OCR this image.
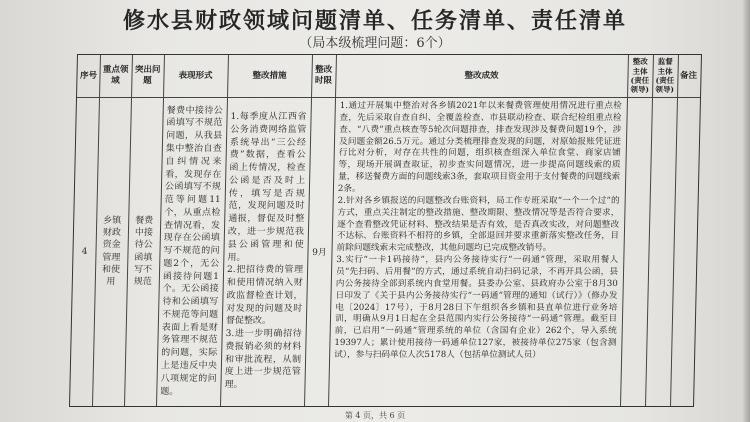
修水县财政领域问题清单、任务清单、责任清单
（局本级梳理问题：6个）
序号
重点领域
突出问题
表现形式	整改措施
整改时限
整改成效
整改主体(责任领导)
监督主体(责任领导)
备注
4
乡镇财政资金管理和使用
餐费中接待公函填写不规范
餐费中接待公函填写不规范问题，从我县集中整治自查自纠情况来看，发现存在公函填写不规范等问题11个，从重点检查情况看，发现存在公函填写不规范的问题2个，无公函接待问题1个。无公函接待和公函填写不规范等问题表面上看是财务管理不规范的问题，实际上是违反中央八项规定的问题。
1.每季度从江西省公务消费网络监管系统导出“三公经费”数据，查看公函上传情况，检查公函是否及时上传，填写是否规范，发现问题及时通报，督促及时整改，进一步规范我县公函管理和使用。
2.把招待费的管理和使用情况纳入财政监督检查计划，对发现的问题及时督促整改。
3.进一步明确招待费报销必须的材料和审批流程，从制度上进一步规范管理。
9月

1.通过开展集中整治对各乡镇2021年以来餐费管理使用情况进行重点检查，先后采取自查自纠、全覆盖检查、市县联动检查、联合纪检组重点检查、“八费”重点核查等5轮次问题排查，排查发现涉及餐费问题19个，涉及问题金额26.5万元。通过分类梳理排查发现的问题，对原始报账凭证进行比对分析，对存在共性的问题，组织核查组深入单位食堂、商家店铺等，现场开展调查取证，初步查实问题情况，进一步提高问题线索的质量，移送餐费方面的问题线索3条，套取项目资金用于支付餐费的问题线索2条。

2.针对各乡镇报送的问题整改台账资料，局工作专班采取“一个一个过”的方式，重点关注制定的整改措施、整改期限、整改情况等是否符合要求，逐个查看整改凭证材料、整改结果是否有效，是否真改实改，对问题整改不达标、台账资料不相符的乡镇，全部退回并要求重新落实整改任务，目前除问题线索未完成整改，其他问题均已完成整改销号。

3.实行“一卡1码接待”，县内公务接待实行“一码通”管理，采取用餐人员“先扫码、后用餐”的方式，通过系统自动扫码记录，不再开具公函，县内公务接待全部到系统内食堂用餐。县委办公室、县政府办公室于8月30日印发了《关于县内公务接待实行“一码通”管理的通知（试行）》（修办发电〔2024〕17号），于8月28日下午组织各乡镇和县直单位进行业务培训，明确从9月1日起在全县范围内实行公务接待“一码通”管理。截至目前，已启用“一码通”管理系统的单位（含国有企业）262个，导入系统19397人；累计使用接待一码通单位127家，被接待单位275家（包含测试），参与扫码单位人次5178人（包括单位测试人员）

第 4 页，共 6 页
